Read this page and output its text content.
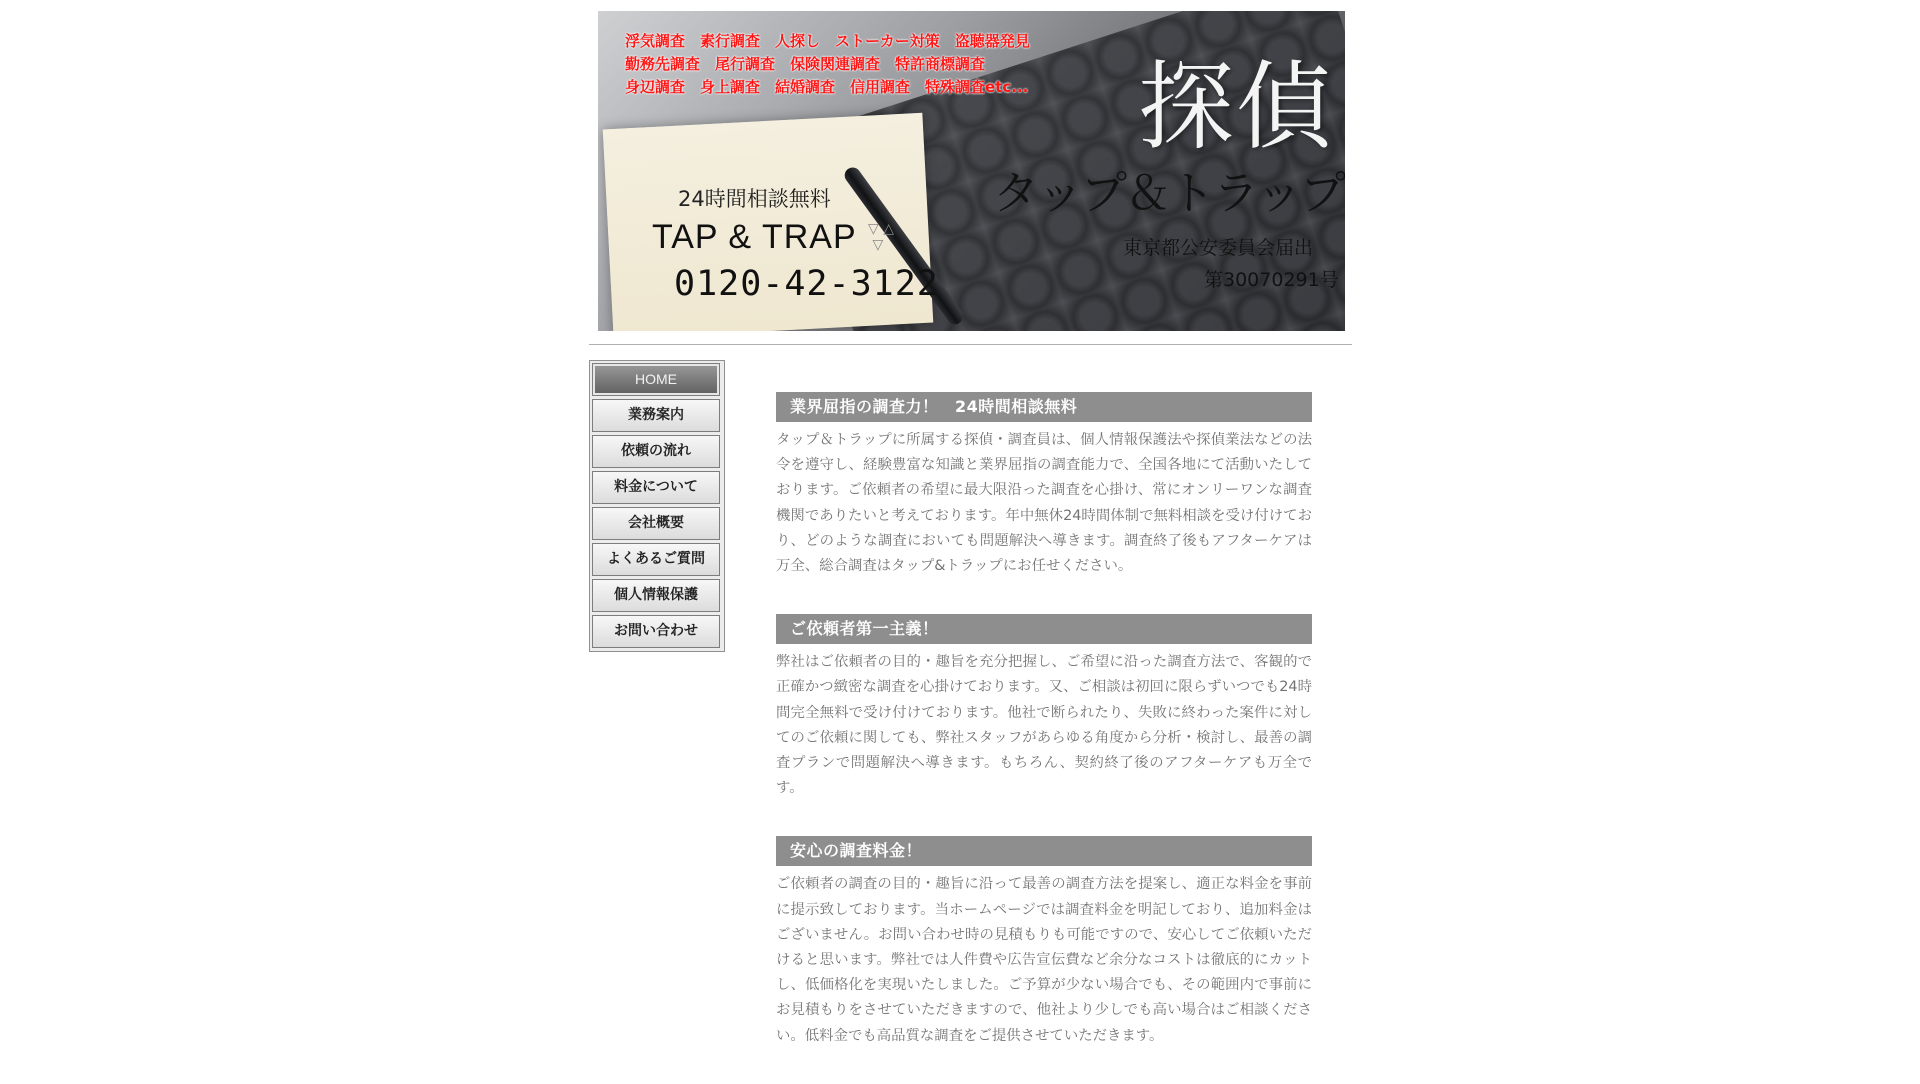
浮気調査　素行調査　人探し　ストーカー対策　盗聴器発見
勤務先調査　尾行調査　保険関連調査　特許商標調査
身辺調査　身上調査　結婚調査　信用調査　特殊調査etc... 探偵
タップ＆トラップ
東京都公安委員会届出
第30070291号
24時間相談無料
TAP & TRAP ▽ △
▽
0120-42-3122
HOME
業務案内
依頼の流れ
料金について
会社概要
よくあるご質問
個人情報保護
お問い合わせ
業界屈指の調査力！　24時間相談無料

タップ＆トラップに所属する探偵・調査員は、個人情報保護法や探偵業法などの法令を遵守し、経験豊富な知識と業界屈指の調査能力で、全国各地にて活動いたしております。ご依頼者の希望に最大限沿った調査を心掛け、常にオンリーワンな調査機関でありたいと考えております。年中無休24時間体制で無料相談を受け付けており、どのような調査においても問題解決へ導きます。調査終了後もアフターケアは万全、総合調査はタップ&トラップにお任せください。

ご依頼者第一主義！

弊社はご依頼者の目的・趣旨を充分把握し、ご希望に沿った調査方法で、客観的で正確かつ緻密な調査を心掛けております。又、ご相談は初回に限らずいつでも24時間完全無料で受け付けております。他社で断られたり、失敗に終わった案件に対してのご依頼に関しても、弊社スタッフがあらゆる角度から分析・検討し、最善の調査プランで問題解決へ導きます。もちろん、契約終了後のアフターケアも万全です。

安心の調査料金！

ご依頼者の調査の目的・趣旨に沿って最善の調査方法を提案し、適正な料金を事前に提示致しております。当ホームページでは調査料金を明記しており、追加料金はございません。お問い合わせ時の見積もりも可能ですので、安心してご依頼いただけると思います。弊社では人件費や広告宣伝費など余分なコストは徹底的にカットし、低価格化を実現いたしました。ご予算が少ない場合でも、その範囲内で事前にお見積もりをさせていただきますので、他社より少しでも高い場合はご相談ください。低料金でも高品質な調査をご提供させていただきます。
